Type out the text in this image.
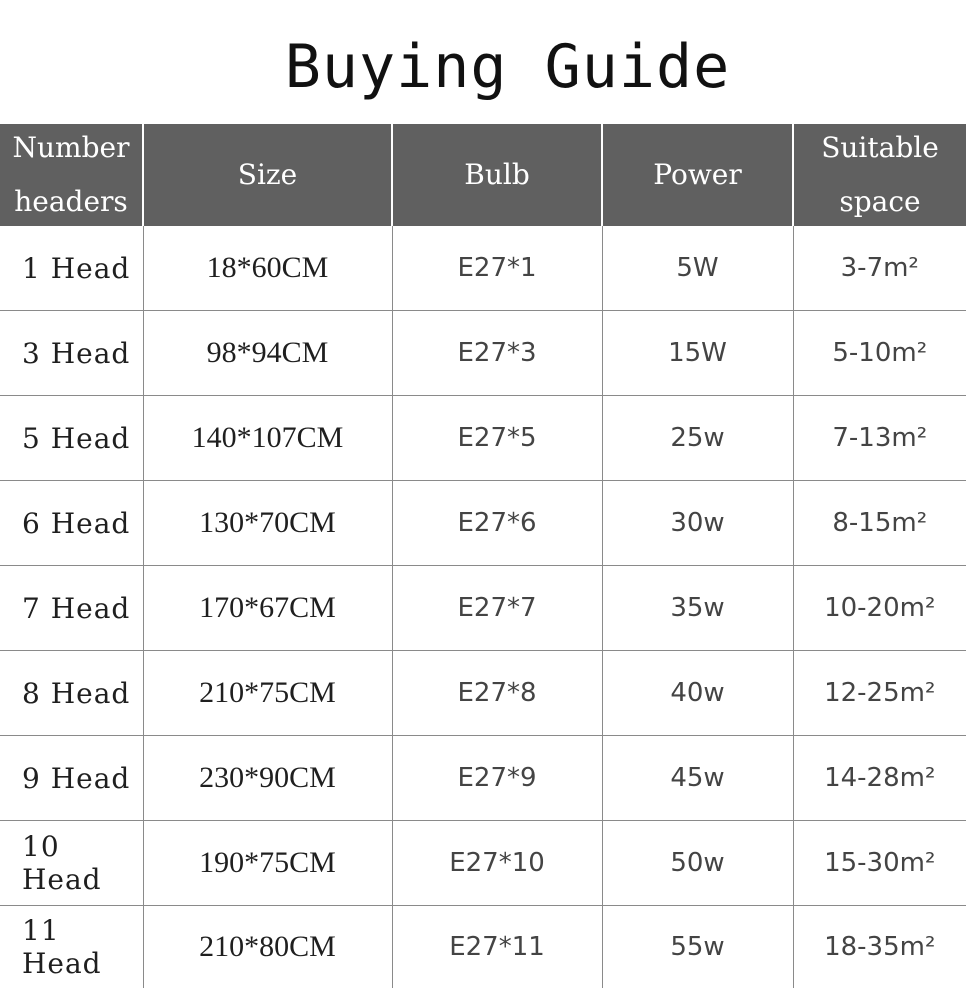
Buying Guide
Number
headers	Size	Bulb	Power	Suitable
space

1 Head	18*60CM	E27*1	5W	3-7m²
3 Head	98*94CM	E27*3	15W	5-10m²
5 Head	140*107CM	E27*5	25w	7-13m²
6 Head	130*70CM	E27*6	30w	8-15m²
7 Head	170*67CM	E27*7	35w	10-20m²
8 Head	210*75CM	E27*8	40w	12-25m²
9 Head	230*90CM	E27*9	45w	14-28m²
10 Head	190*75CM	E27*10	50w	15-30m²
11 Head	210*80CM	E27*11	55w	18-35m²
